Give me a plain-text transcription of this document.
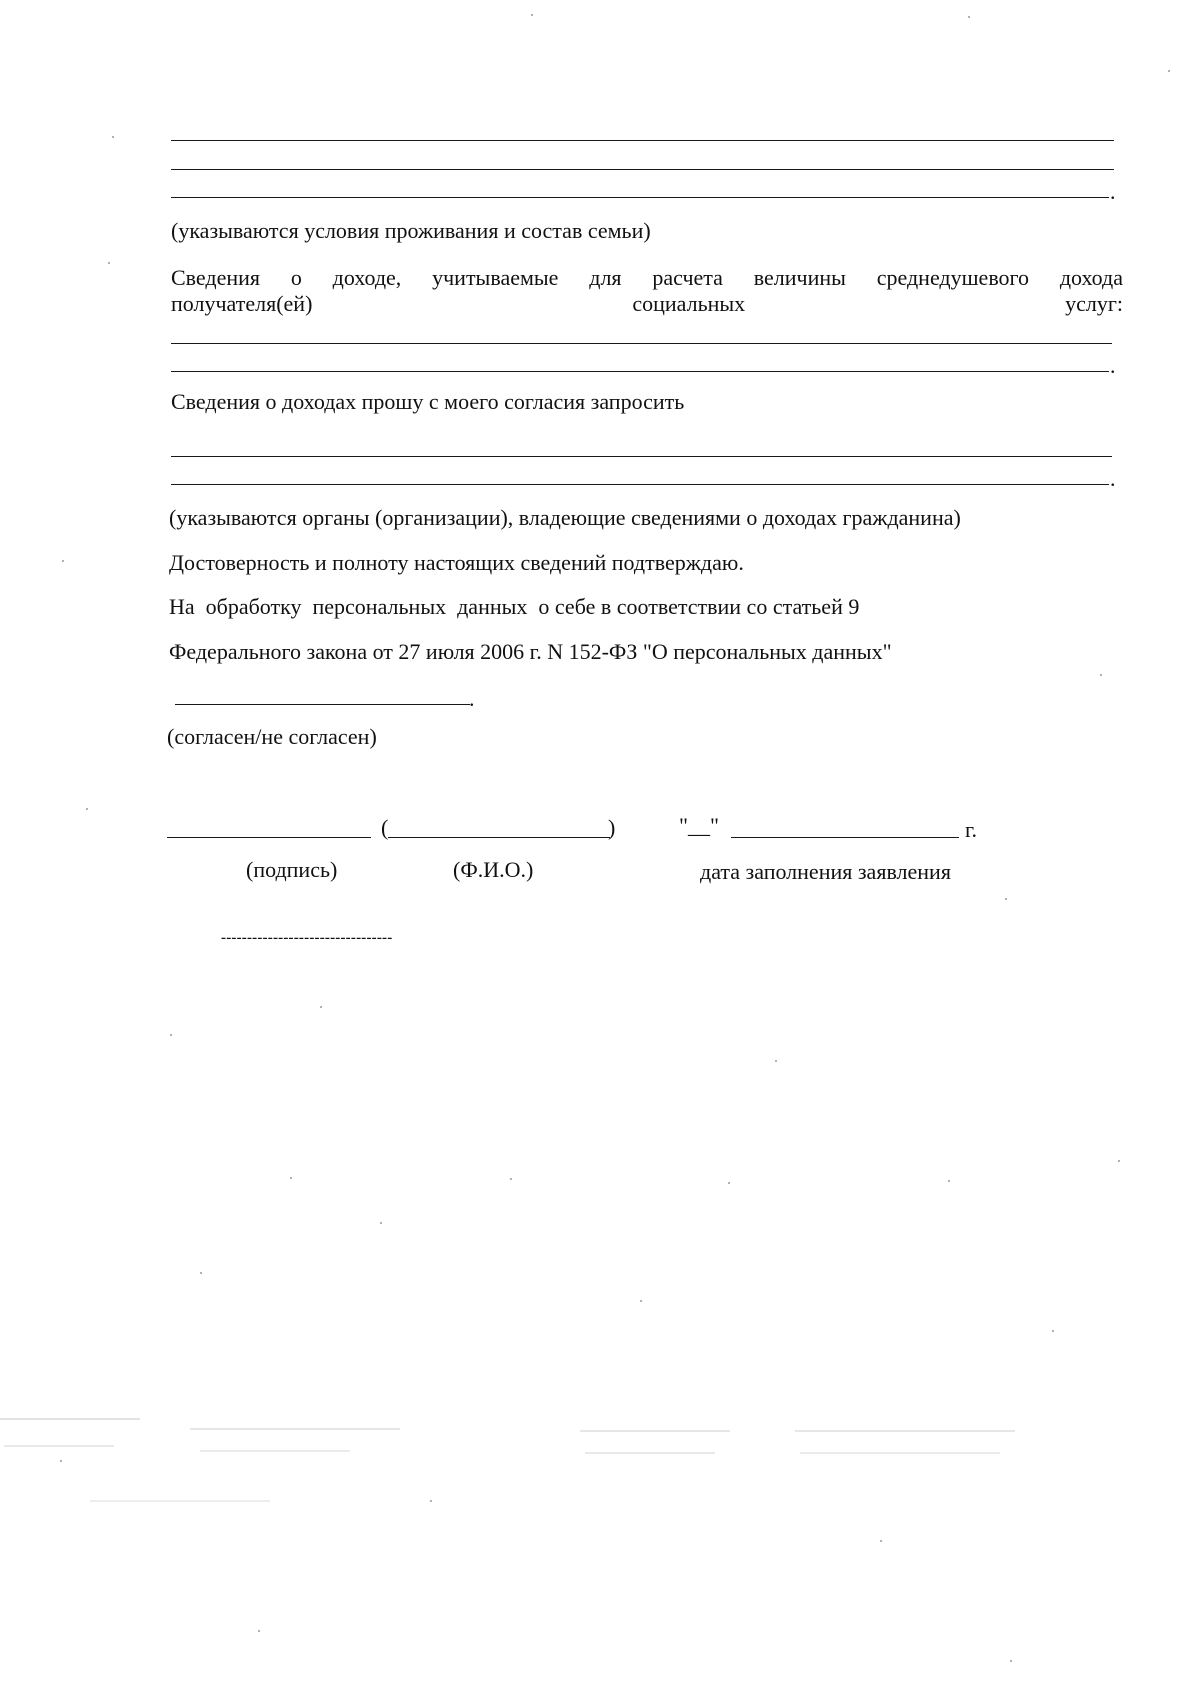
.
(указываются условия проживания и состав семьи)
Сведения о доходе, учитываемые для расчета величины среднедушевого дохода
получателя(ей)	социальных	услуг:
.
Сведения о доходах прошу с моего согласия запросить
.
(указываются органы (организации), владеющие сведениями о доходах гражданина)
Достоверность и полноту настоящих сведений подтверждаю.
На  обработку  персональных  данных  о себе в соответствии со статьей 9
Федерального закона от 27 июля 2006 г. N 152-ФЗ "О персональных данных"
.
(согласен/не согласен)
(	)	"__"	г.
(подпись)	(Ф.И.О.)	дата заполнения заявления
---------------------------------
